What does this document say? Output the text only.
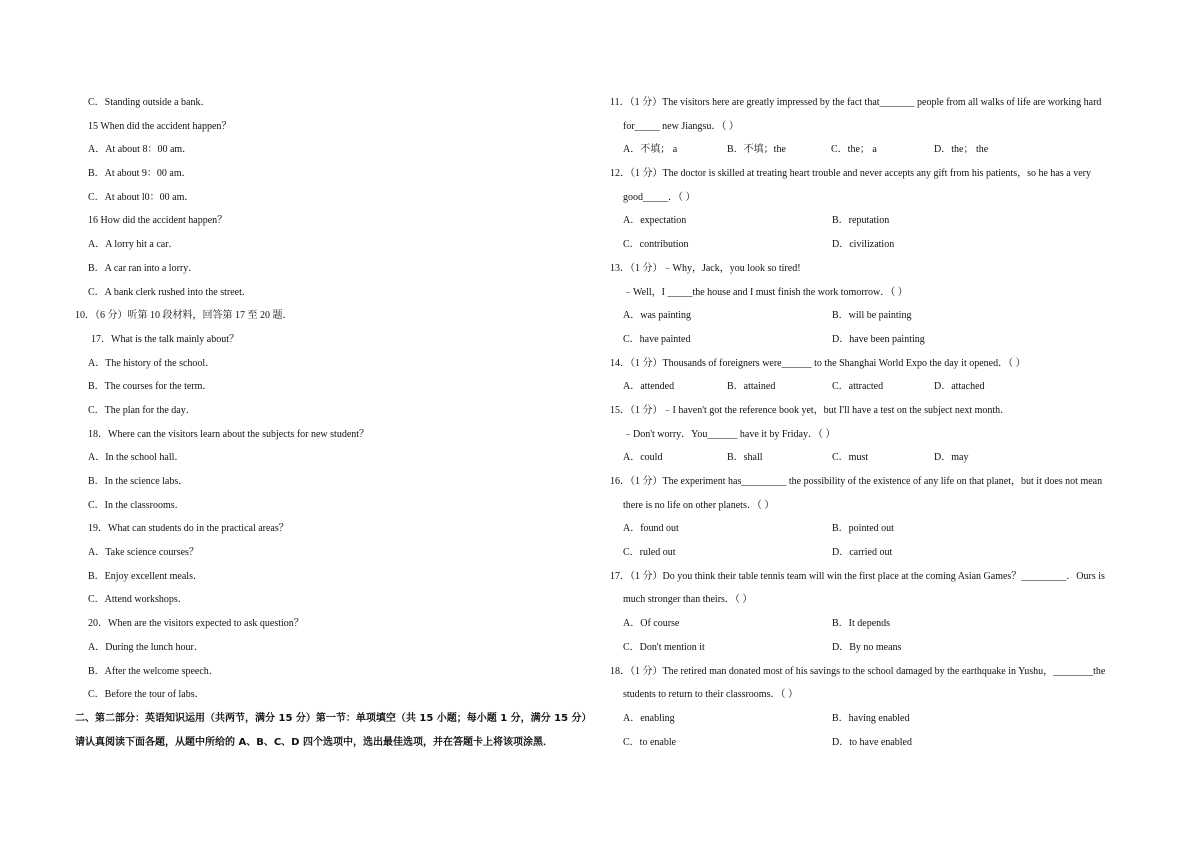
C．Standing outside a bank．
15 When did the accident happen？
A．At about 8：00 am．
B．At about 9：00 am．
C．At about l0：00 am．
16 How did the accident happen？
A．A lorry hit a car．
B．A car ran into a lorry．
C．A bank clerk rushed into the street．
10．（6 分）听第 10 段材料，回答第 17 至 20 题．
17．What is the talk mainly about？
A．The history of the school．
B．The courses for the term．
C．The plan for the day．
18．Where can the visitors learn about the subjects for new student？
A．In the school hall．
B．In the science labs．
C．In the classrooms．
19．What can students do in the practical areas？
A．Take science courses？
B．Enjoy excellent meals．
C．Attend workshops．
20．When are the visitors expected to ask question？
A．During the lunch hour．
B．After the welcome speech．
C．Before the tour of labs．
二、第二部分：英语知识运用（共两节，满分 15 分）第一节：单项填空（共 15 小题；每小题 1 分，满分 15 分）
请认真阅读下面各题，从题中所给的 A、B、C、D 四个选项中，选出最佳选项，并在答题卡上将该项涂黑．
11．（1 分）The visitors here are greatly impressed by the fact that_______ people from all walks of life are working hard
for_____ new Jiangsu．（ ）
A．不填； a	B．不填；the	C．the； a	D．the； the
12．（1 分）The doctor is skilled at treating heart trouble and never accepts any gift from his patients，so he has a very
good_____．（ ）
A．expectation	B．reputation
C．contribution	D．civilization
13．（1 分）﹣Why，Jack，you look so tired!
﹣Well，I _____the house and I must finish the work tomorrow．（ ）
A．was painting	B．will be painting
C．have painted	D．have been painting
14．（1 分）Thousands of foreigners were______ to the Shanghai World Expo the day it opened．（ ）
A．attended	B．attained	C．attracted	D．attached
15．（1 分）﹣I haven't got the reference book yet，but I'll have a test on the subject next month．
﹣Don't worry．You______ have it by Friday．（ ）
A．could	B．shall	C．must	D．may
16．（1 分）The experiment has_________ the possibility of the existence of any life on that planet，but it does not mean
there is no life on other planets．（ ）
A．found out	B．pointed out
C．ruled out	D．carried out
17．（1 分）Do you think their table tennis team will win the first place at the coming Asian Games？_________．Ours is
much stronger than theirs．（ ）
A．Of course	B．It depends
C．Don't mention it	D．By no means
18．（1 分）The retired man donated most of his savings to the school damaged by the earthquake in Yushu，________the
students to return to their classrooms．（ ）
A．enabling	B．having enabled
C．to enable	D．to have enabled
